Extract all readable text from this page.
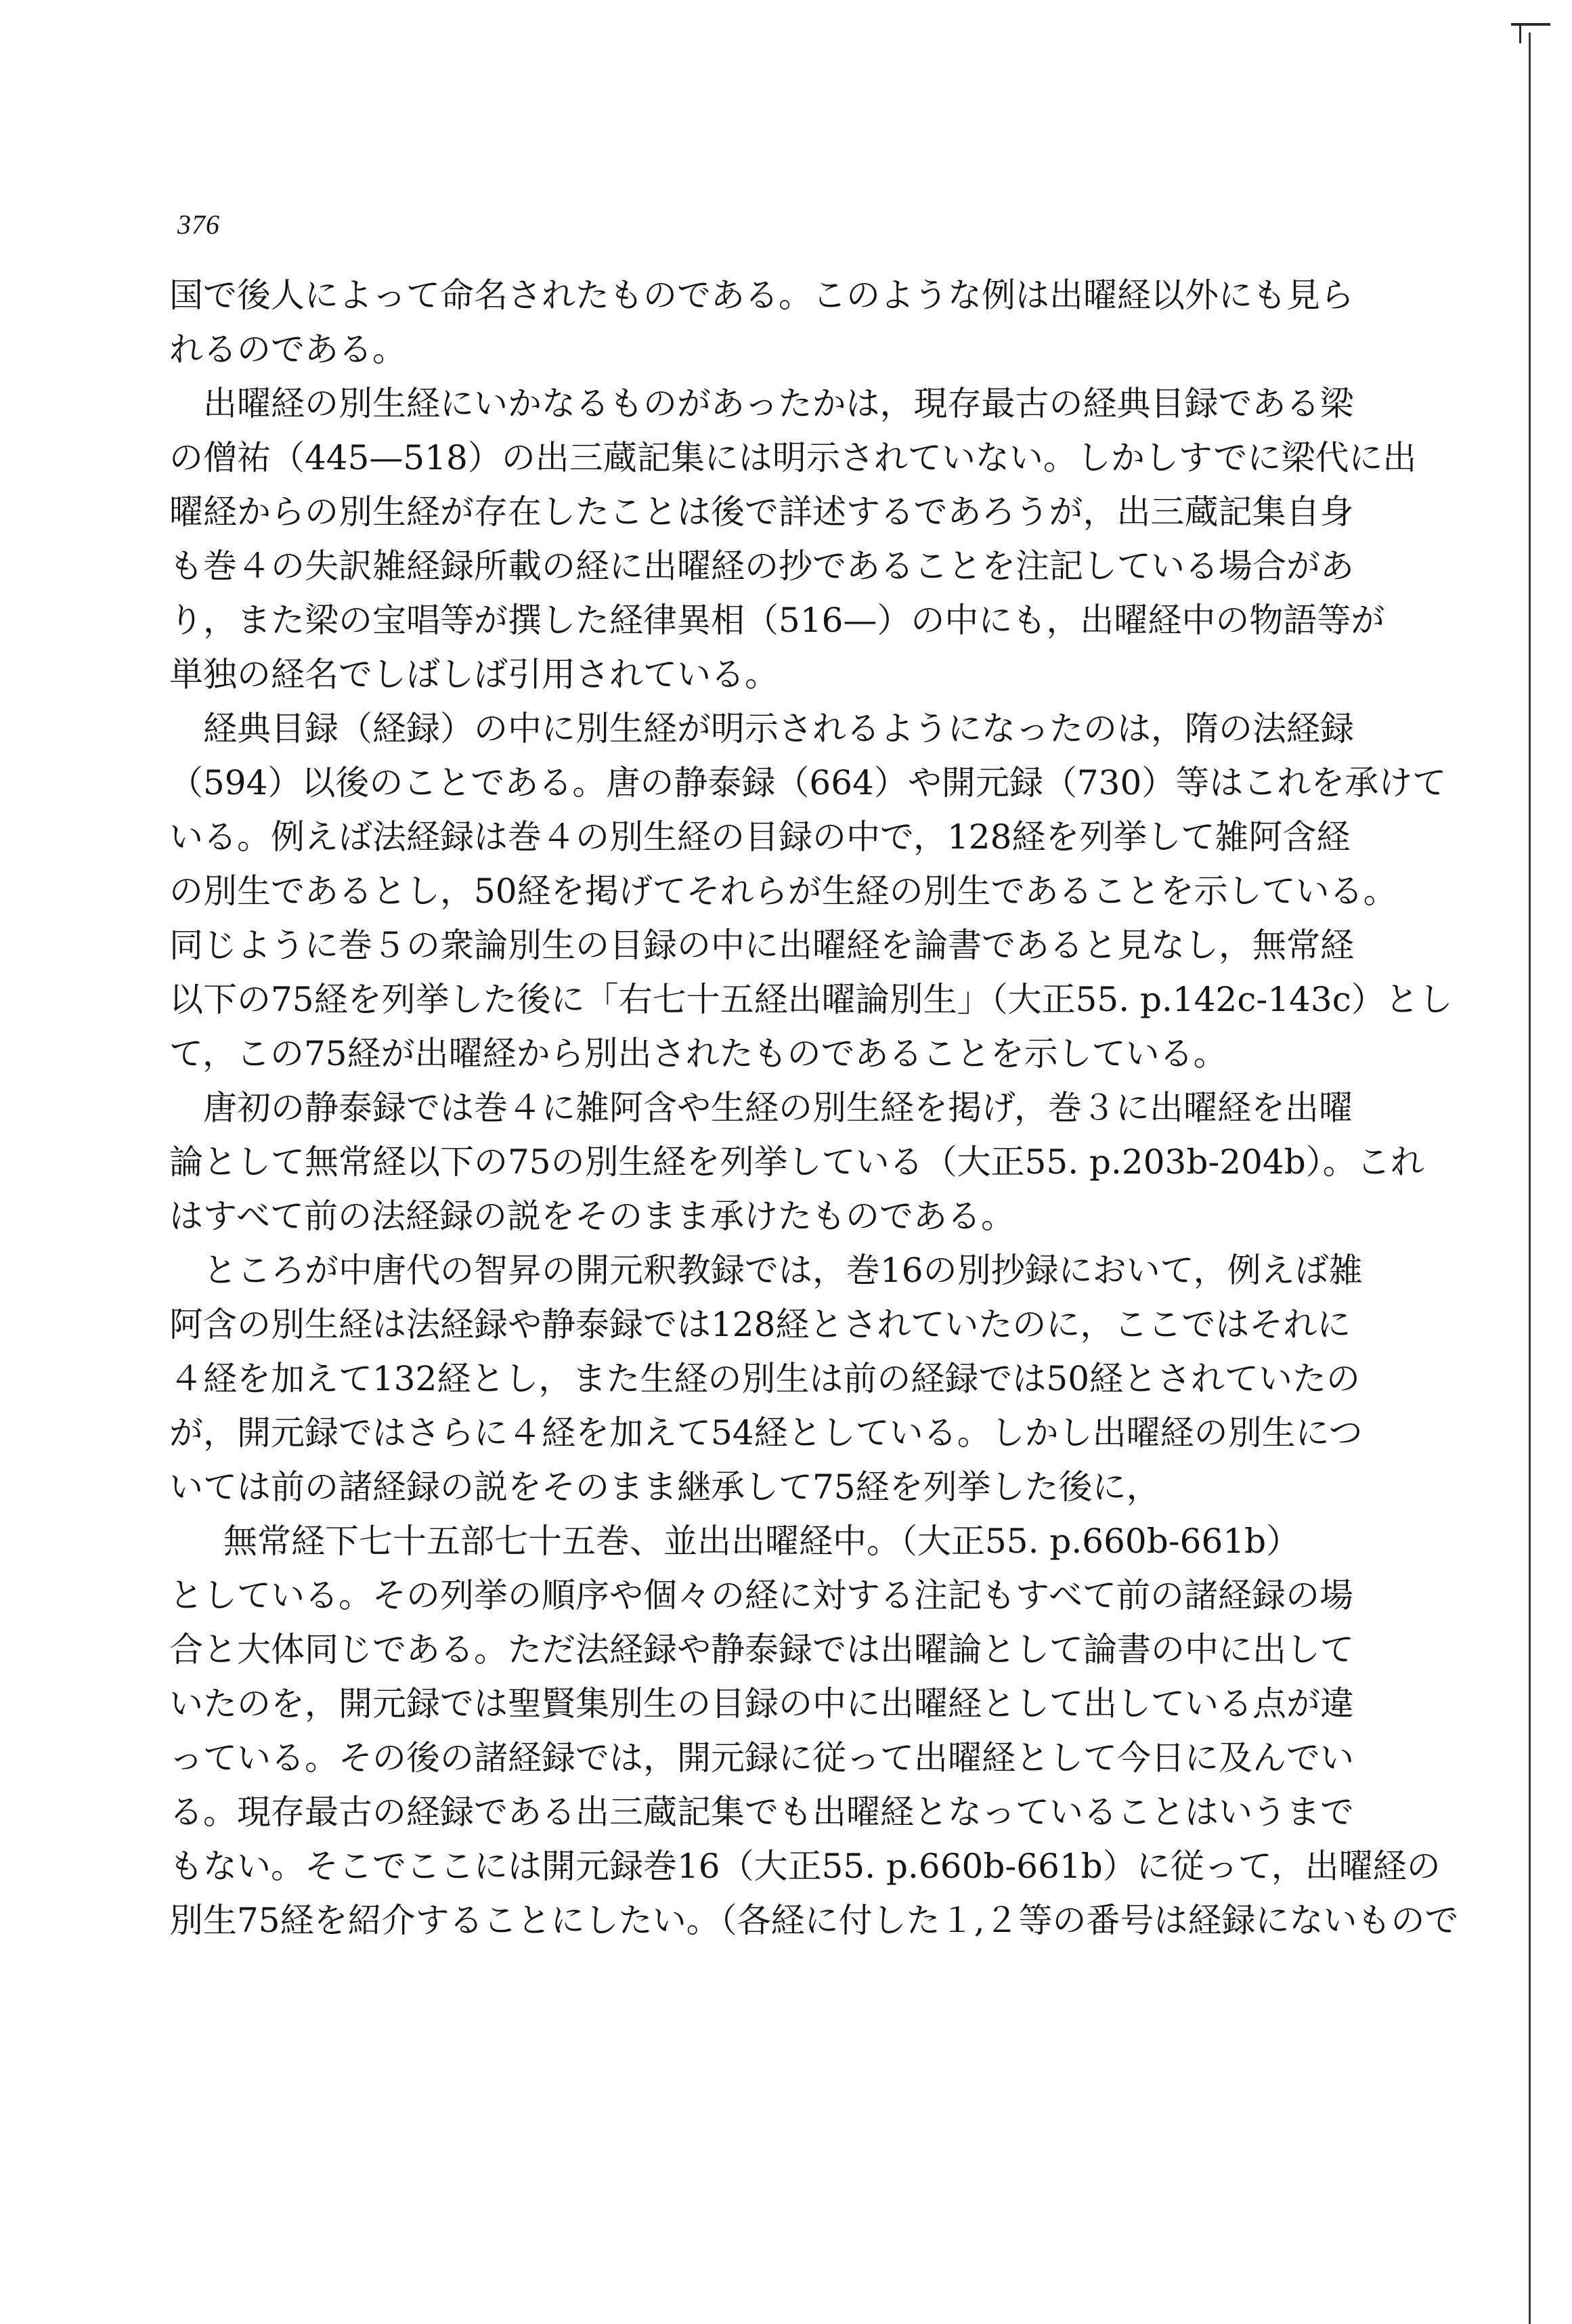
376
国で後人によって命名されたものである。このような例は出曜経以外にも見ら
れるのである。
　出曜経の別生経にいかなるものがあったかは，現存最古の経典目録である梁
の僧祐（445—518）の出三蔵記集には明示されていない。しかしすでに梁代に出
曜経からの別生経が存在したことは後で詳述するであろうが，出三蔵記集自身
も巻４の失訳雑経録所載の経に出曜経の抄であることを注記している場合があ
り，また梁の宝唱等が撰した経律異相（516—）の中にも，出曜経中の物語等が
単独の経名でしばしば引用されている。
　経典目録（経録）の中に別生経が明示されるようになったのは，隋の法経録
（594）以後のことである。唐の静泰録（664）や開元録（730）等はこれを承けて
いる。例えば法経録は巻４の別生経の目録の中で，128経を列挙して雑阿含経
の別生であるとし，50経を掲げてそれらが生経の別生であることを示している。
同じように巻５の衆論別生の目録の中に出曜経を論書であると見なし，無常経
以下の75経を列挙した後に「右七十五経出曜論別生」（大正55. p.142c-143c）とし
て，この75経が出曜経から別出されたものであることを示している。
　唐初の静泰録では巻４に雑阿含や生経の別生経を掲げ，巻３に出曜経を出曜
論として無常経以下の75の別生経を列挙している（大正55. p.203b-204b）。これ
はすべて前の法経録の説をそのまま承けたものである。
　ところが中唐代の智昇の開元釈教録では，巻16の別抄録において，例えば雑
阿含の別生経は法経録や静泰録では128経とされていたのに，ここではそれに
４経を加えて132経とし，また生経の別生は前の経録では50経とされていたの
が，開元録ではさらに４経を加えて54経としている。しかし出曜経の別生につ
いては前の諸経録の説をそのまま継承して75経を列挙した後に，
無常経下七十五部七十五巻、並出出曜経中。（大正55. p.660b-661b）
としている。その列挙の順序や個々の経に対する注記もすべて前の諸経録の場
合と大体同じである。ただ法経録や静泰録では出曜論として論書の中に出して
いたのを，開元録では聖賢集別生の目録の中に出曜経として出している点が違
っている。その後の諸経録では，開元録に従って出曜経として今日に及んでい
る。現存最古の経録である出三蔵記集でも出曜経となっていることはいうまで
もない。そこでここには開元録巻16（大正55. p.660b-661b）に従って，出曜経の
別生75経を紹介することにしたい。（各経に付した１,２等の番号は経録にないもので
